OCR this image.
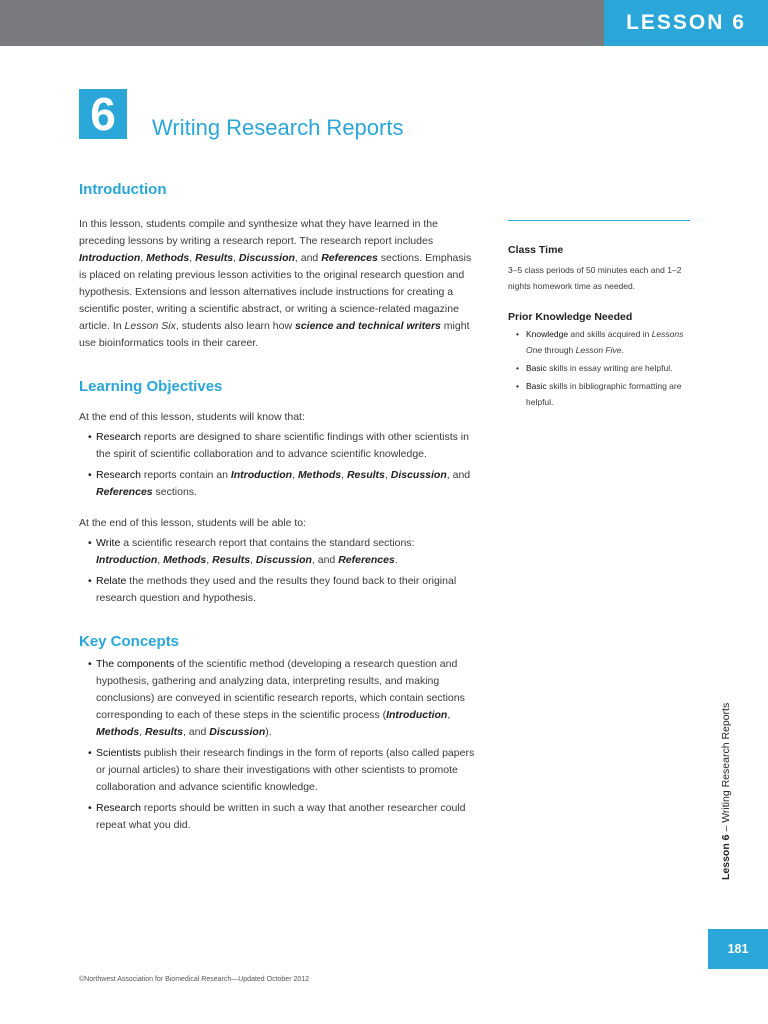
LESSON 6
6	Writing Research Reports
Introduction

In this lesson, students compile and synthesize what they have learned in the preceding lessons by writing a research report. The research report includes Introduction, Methods, Results, Discussion, and References sections. Emphasis is placed on relating previous lesson activities to the original research question and hypothesis. Extensions and lesson alternatives include instructions for creating a scientific poster, writing a scientific abstract, or writing a science-related magazine article. In Lesson Six, students also learn how science and technical writers might use bioinformatics tools in their career.

Learning Objectives

At the end of this lesson, students will know that:

• Research reports are designed to share scientific findings with other scientists in the spirit of scientific collaboration and to advance scientific knowledge.
• Research reports contain an Introduction, Methods, Results, Discussion, and References sections.

At the end of this lesson, students will be able to:

• Write a scientific research report that contains the standard sections: Introduction, Methods, Results, Discussion, and References.
• Relate the methods they used and the results they found back to their original research question and hypothesis.
Key Concepts
• The components of the scientific method (developing a research question and hypothesis, gathering and analyzing data, interpreting results, and making conclusions) are conveyed in scientific research reports, which contain sections corresponding to each of these steps in the scientific process (Introduction, Methods, Results, and Discussion).
• Scientists publish their research findings in the form of reports (also called papers or journal articles) to share their investigations with other scientists to promote collaboration and advance scientific knowledge.
• Research reports should be written in such a way that another researcher could repeat what you did.
Class Time

3–5 class periods of 50 minutes each and 1–2 nights homework time as needed.

Prior Knowledge Needed
• Knowledge and skills acquired in Lessons One through Lesson Five.
• Basic skills in essay writing are helpful.
• Basic skills in bibliographic formatting are helpful.
Lesson 6 – Writing Research Reports
181
©Northwest Association for Biomedical Research—Updated October 2012
